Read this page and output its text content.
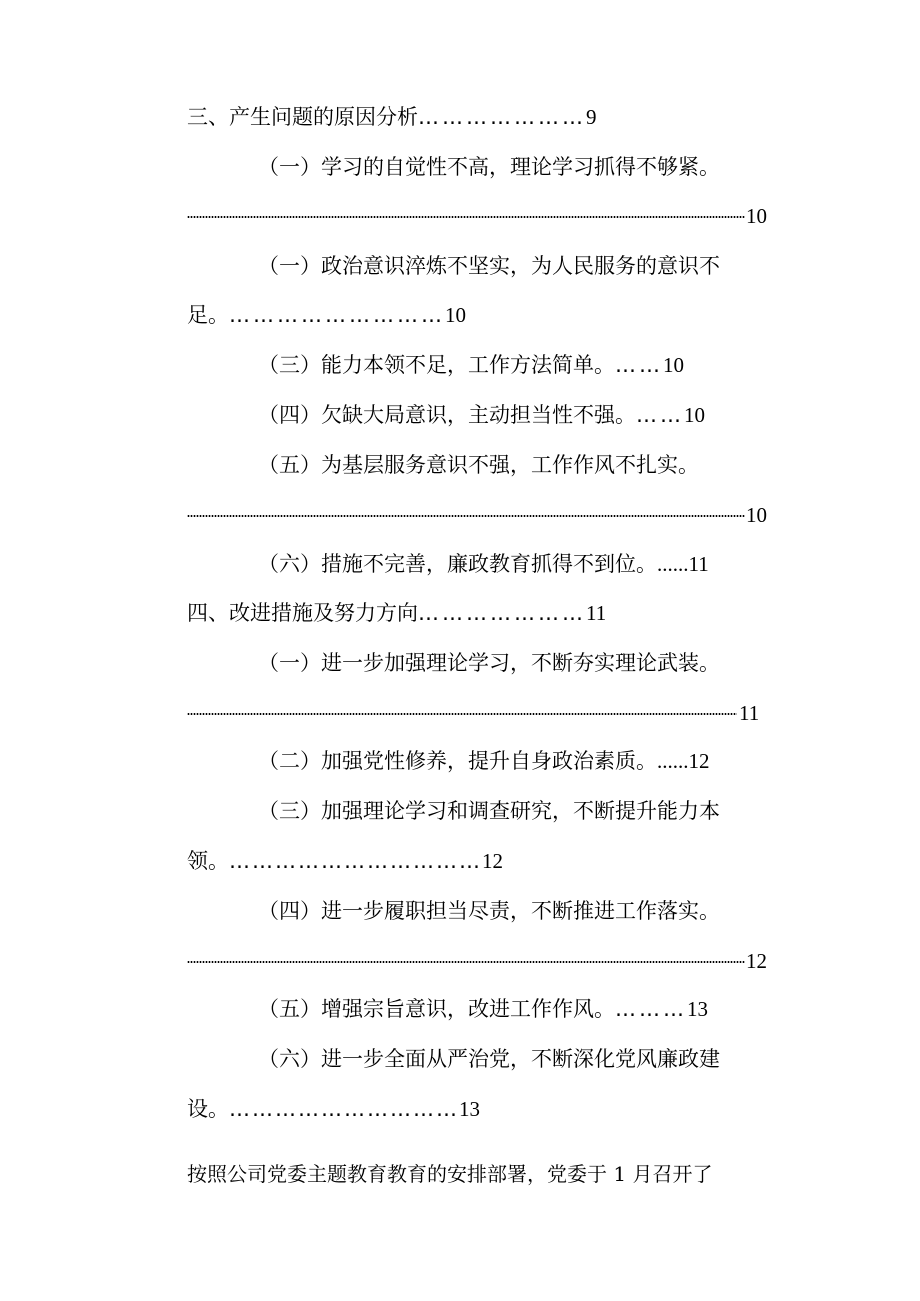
三、产生问题的原因分析…………………9
（一）学习的自觉性不高，理论学习抓得不够紧。
10
（一）政治意识淬炼不坚实，为人民服务的意识不
足。………………………10
（三）能力本领不足，工作方法简单。……10
（四）欠缺大局意识，主动担当性不强。……10
（五）为基层服务意识不强，工作作风不扎实。
10
（六）措施不完善，廉政教育抓得不到位。......11
四、改进措施及努力方向…………………11
（一）进一步加强理论学习，不断夯实理论武装。
11
（二）加强党性修养，提升自身政治素质。......12
（三）加强理论学习和调查研究，不断提升能力本
领。……………………………12
（四）进一步履职担当尽责，不断推进工作落实。
12
（五）增强宗旨意识，改进工作作风。………13
（六）进一步全面从严治党，不断深化党风廉政建
设。…………………………13
按照公司党委主题教育教育的安排部署，党委于 1 月召开了
